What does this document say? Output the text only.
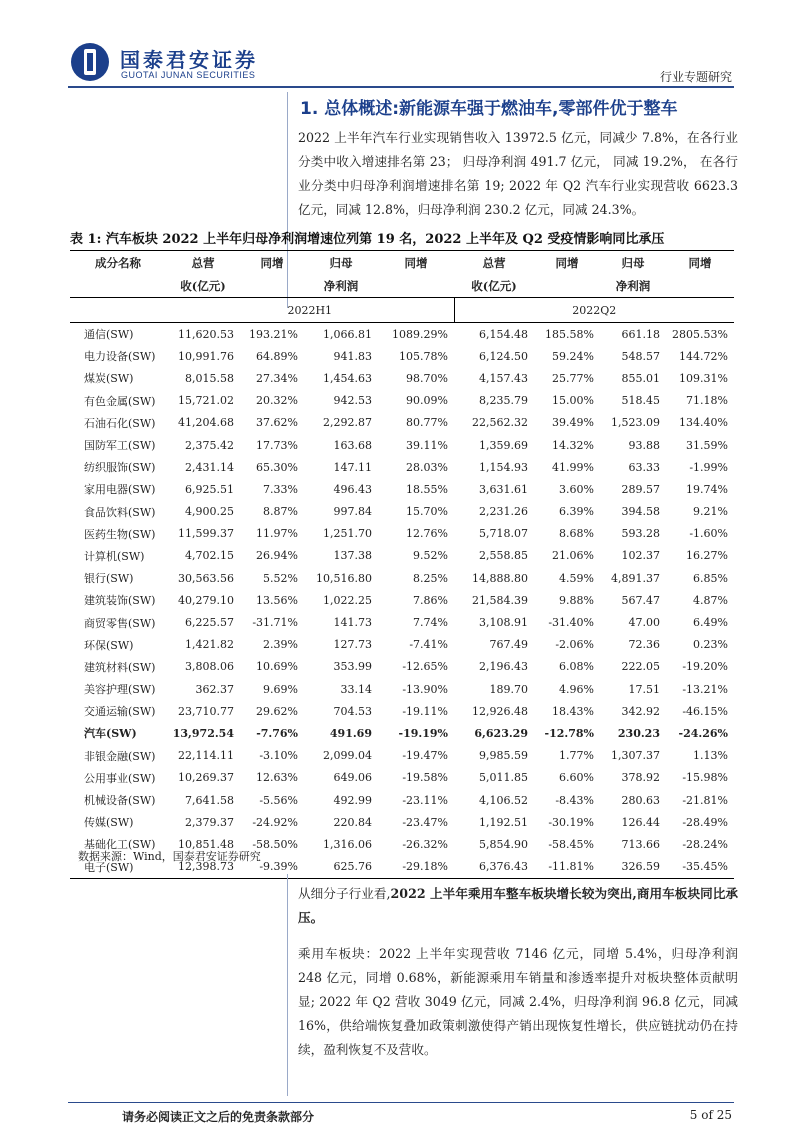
国泰君安证券
GUOTAI JUNAN SECURITIES	行业专题研究
1. 总体概述:新能源车强于燃油车,零部件优于整车
2022 上半年汽车行业实现销售收入 13972.5 亿元，同减少 7.8%，在各行业分类中收入增速排名第 23； 归母净利润 491.7 亿元， 同减 19.2%， 在各行业分类中归母净利润增速排名第 19; 2022 年 Q2 汽车行业实现营收 6623.3 亿元，同减 12.8%，归母净利润 230.2 亿元，同减 24.3%。
表 1: 汽车板块 2022 上半年归母净利润增速位列第 19 名，2022 上半年及 Q2 受疫情影响同比承压
成分名称	总营	同增	归母	同增	总营	同增	归母	同增
	收(亿元)		净利润		收(亿元)		净利润	
	2022H1				2022Q2			
通信(SW)	11,620.53	193.21%	1,066.81	1089.29%	6,154.48	185.58%	661.18	2805.53%
电力设备(SW)	10,991.76	64.89%	941.83	105.78%	6,124.50	59.24%	548.57	144.72%
煤炭(SW)	8,015.58	27.34%	1,454.63	98.70%	4,157.43	25.77%	855.01	109.31%
有色金属(SW)	15,721.02	20.32%	942.53	90.09%	8,235.79	15.00%	518.45	71.18%
石油石化(SW)	41,204.68	37.62%	2,292.87	80.77%	22,562.32	39.49%	1,523.09	134.40%
国防军工(SW)	2,375.42	17.73%	163.68	39.11%	1,359.69	14.32%	93.88	31.59%
纺织服饰(SW)	2,431.14	65.30%	147.11	28.03%	1,154.93	41.99%	63.33	-1.99%
家用电器(SW)	6,925.51	7.33%	496.43	18.55%	3,631.61	3.60%	289.57	19.74%
食品饮料(SW)	4,900.25	8.87%	997.84	15.70%	2,231.26	6.39%	394.58	9.21%
医药生物(SW)	11,599.37	11.97%	1,251.70	12.76%	5,718.07	8.68%	593.28	-1.60%
计算机(SW)	4,702.15	26.94%	137.38	9.52%	2,558.85	21.06%	102.37	16.27%
银行(SW)	30,563.56	5.52%	10,516.80	8.25%	14,888.80	4.59%	4,891.37	6.85%
建筑装饰(SW)	40,279.10	13.56%	1,022.25	7.86%	21,584.39	9.88%	567.47	4.87%
商贸零售(SW)	6,225.57	-31.71%	141.73	7.74%	3,108.91	-31.40%	47.00	6.49%
环保(SW)	1,421.82	2.39%	127.73	-7.41%	767.49	-2.06%	72.36	0.23%
建筑材料(SW)	3,808.06	10.69%	353.99	-12.65%	2,196.43	6.08%	222.05	-19.20%
美容护理(SW)	362.37	9.69%	33.14	-13.90%	189.70	4.96%	17.51	-13.21%
交通运输(SW)	23,710.77	29.62%	704.53	-19.11%	12,926.48	18.43%	342.92	-46.15%
汽车(SW)	13,972.54	-7.76%	491.69	-19.19%	6,623.29	-12.78%	230.23	-24.26%
非银金融(SW)	22,114.11	-3.10%	2,099.04	-19.47%	9,985.59	1.77%	1,307.37	1.13%
公用事业(SW)	10,269.37	12.63%	649.06	-19.58%	5,011.85	6.60%	378.92	-15.98%
机械设备(SW)	7,641.58	-5.56%	492.99	-23.11%	4,106.52	-8.43%	280.63	-21.81%
传媒(SW)	2,379.37	-24.92%	220.84	-23.47%	1,192.51	-30.19%	126.44	-28.49%
基础化工(SW)	10,851.48	-58.50%	1,316.06	-26.32%	5,854.90	-58.45%	713.66	-28.24%
电子(SW)	12,398.73	-9.39%	625.76	-29.18%	6,376.43	-11.81%	326.59	-35.45%
数据来源：Wind，国泰君安证券研究
从细分子行业看,2022 上半年乘用车整车板块增长较为突出,商用车板块同比承压。
乘用车板块：2022 上半年实现营收 7146 亿元，同增 5.4%，归母净利润 248 亿元，同增 0.68%，新能源乘用车销量和渗透率提升对板块整体贡献明显; 2022 年 Q2 营收 3049 亿元，同减 2.4%，归母净利润 96.8 亿元，同减 16%，供给端恢复叠加政策刺激使得产销出现恢复性增长，供应链扰动仍在持续，盈利恢复不及营收。
请务必阅读正文之后的免责条款部分	5 of 25
